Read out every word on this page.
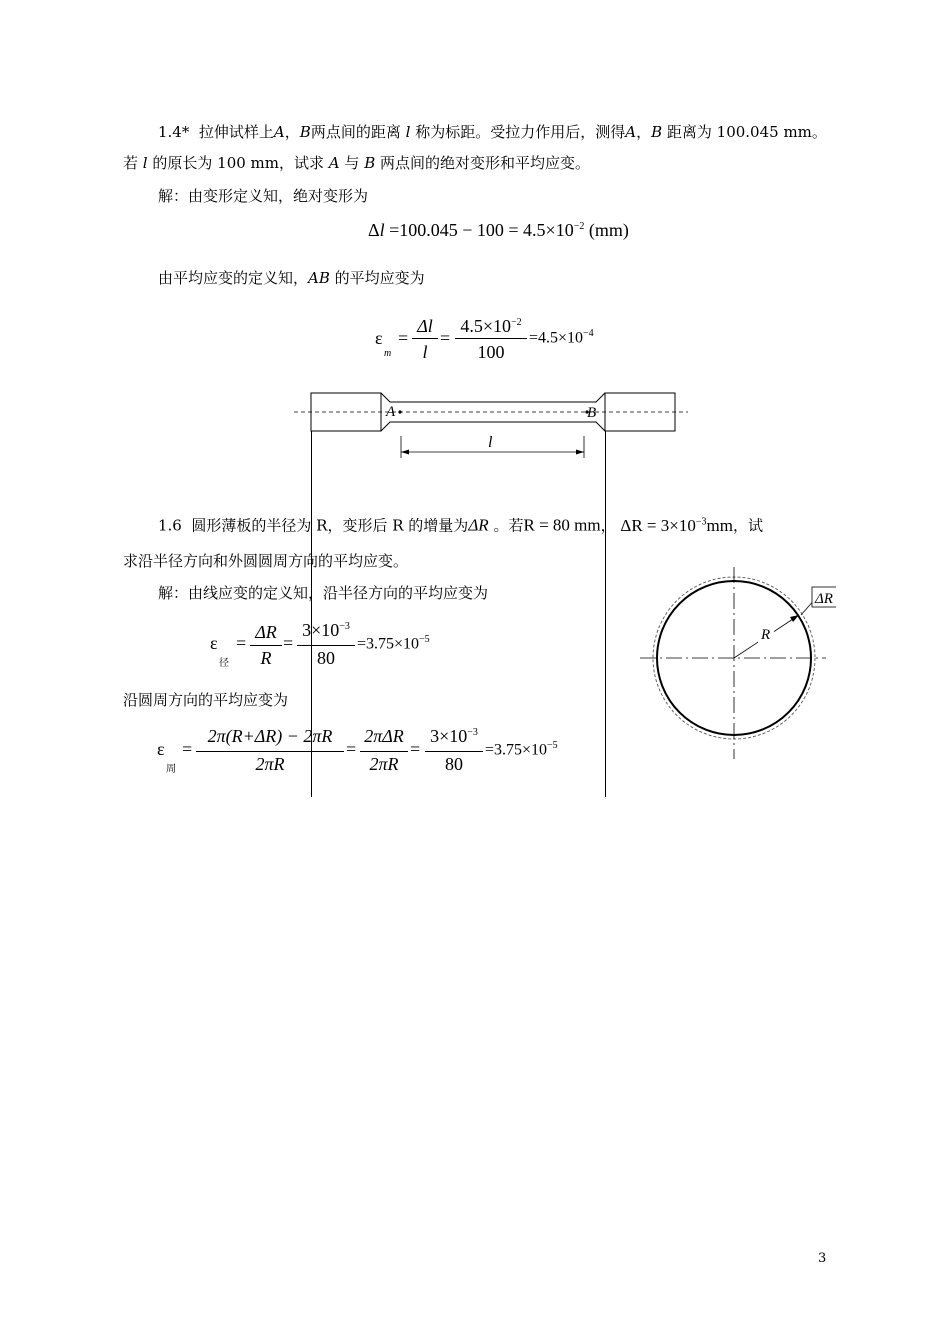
1.4* 拉伸试样上A，B两点间的距离 l 称为标距。受拉力作用后，测得A，B 距离为 100.045 mm。
若 l 的原长为 100 mm，试求 A 与 B 两点间的绝对变形和平均应变。
解：由变形定义知，绝对变形为
$\Delta l =100.045 - 100 = 4.5\times 10^{-2}$ (mm)
由平均应变的定义知，AB 的平均应变为
ε
m
=
Δl
l
=
$4.5\times 10^{-2}$
100
$=4.5\times 10^{-4}$
A	B
l
1.6 圆形薄板的半径为 R，变形后 R 的增量为ΔR 。若R = 80 mm， $\Delta R = 3\times 10^{-3}mm$，试
求沿半径方向和外圆圆周方向的平均应变。
解：由线应变的定义知，沿半径方向的平均应变为
ε
径
=
ΔR
R
=
$3\times 10^{-3}$
80
$=3.75\times 10^{-5}$
沿圆周方向的平均应变为
ε
周
=
2π(R+ΔR) − 2πR
2πR
=
2πΔR
2πR
=
$3\times 10^{-3}$
80
$=3.75\times 10^{-5}$
R
ΔR
3
